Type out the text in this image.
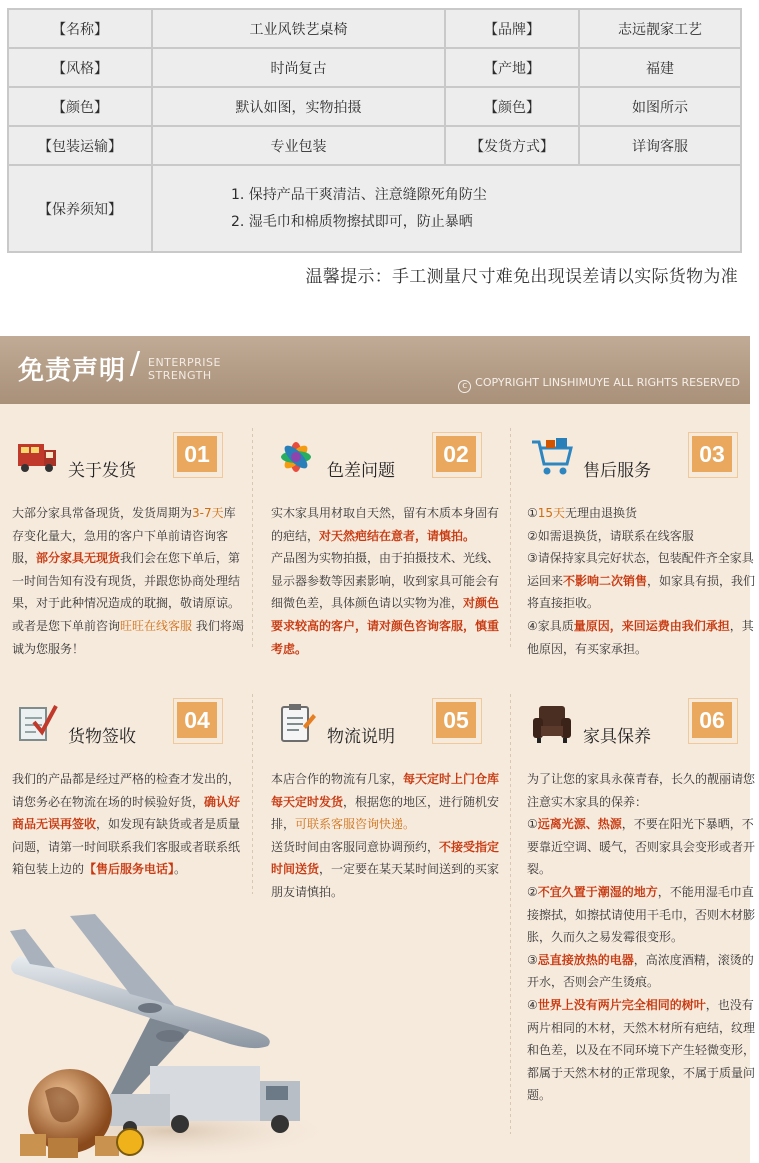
【名称】	工业风铁艺桌椅	【品牌】	志远靓家工艺
【风格】	时尚复古	【产地】	福建
【颜色】	默认如图，实物拍摄	【颜色】	如图所示
【包装运输】	专业包装	【发货方式】	详询客服
【保养须知】	1. 保持产品干爽清洁、注意缝隙死角防尘
2. 湿毛巾和棉质物擦拭即可，防止暴晒		
温馨提示：手工测量尺寸难免出现误差请以实际货物为准
免责声明 / ENTERPRISE
STRENGTH
c COPYRIGHT LINSHIMUYE ALL RIGHTS RESERVED
关于发货
01
大部分家具常备现货，发货周期为3-7天库存变化量大，急用的客户下单前请咨询客服，部分家具无现货我们会在您下单后，第一时间告知有没有现货，并跟您协商处理结果，对于此种情况造成的耽搁，敬请原谅。或者是您下单前咨询旺旺在线客服 我们将竭诚为您服务！
色差问题
02
实木家具用材取自天然，留有木质本身固有的疤结，对天然疤结在意者，请慎拍。
产品图为实物拍摄，由于拍摄技术、光线、显示器参数等因素影响，收到家具可能会有细微色差，具体颜色请以实物为准，对颜色要求较高的客户，请对颜色咨询客服，慎重考虑。
售后服务
03
①15天无理由退换货
②如需退换货，请联系在线客服
③请保持家具完好状态，包装配件齐全家具运回来不影响二次销售，如家具有损，我们将直接拒收。
④家具质量原因，来回运费由我们承担，其他原因，有买家承担。
货物签收
04
我们的产品都是经过严格的检查才发出的，请您务必在物流在场的时候验好货，确认好商品无误再签收，如发现有缺货或者是质量问题，请第一时间联系我们客服或者联系纸箱包装上边的【售后服务电话】。
物流说明
05
本店合作的物流有几家，每天定时上门仓库每天定时发货，根据您的地区，进行随机安排，可联系客服咨询快递。
送货时间由客服同意协调预约，不接受指定时间送货，一定要在某天某时间送到的买家朋友请慎拍。
家具保养
06
为了让您的家具永葆青春，长久的靓丽请您注意实木家具的保养：
①远离光源、热源，不要在阳光下暴晒，不要靠近空调、暖气，否则家具会变形或者开裂。
②不宜久置于潮湿的地方，不能用湿毛巾直接擦拭，如擦拭请使用干毛巾，否则木材膨胀，久而久之易发霉很变形。
③忌直接放热的电器，高浓度酒精，滚烫的开水，否则会产生烫痕。
④世界上没有两片完全相同的树叶，也没有两片相同的木材，天然木材所有疤结，纹理和色差，以及在不同环境下产生轻微变形，都属于天然木材的正常现象，不属于质量问题。
